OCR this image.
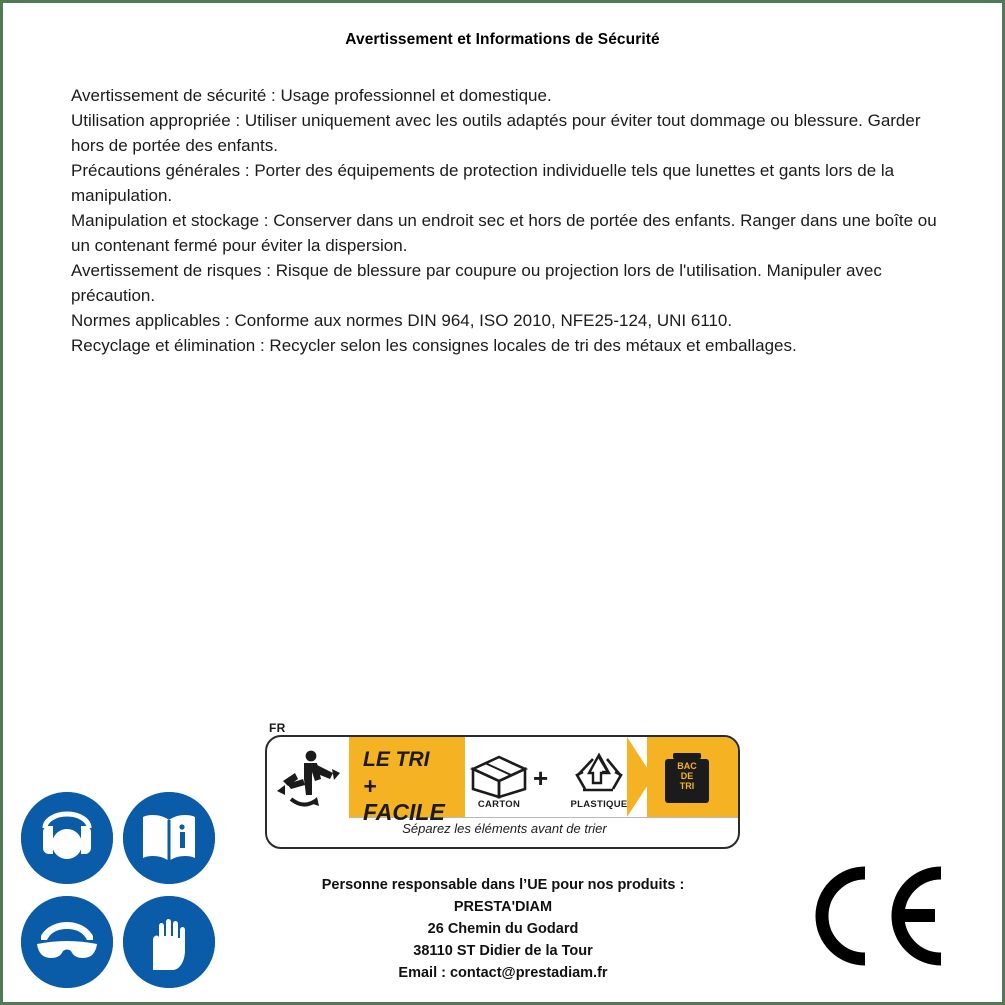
Avertissement et Informations de Sécurité

Avertissement de sécurité : Usage professionnel et domestique.

Utilisation appropriée : Utiliser uniquement avec les outils adaptés pour éviter tout dommage ou blessure. Garder hors de portée des enfants.

Précautions générales : Porter des équipements de protection individuelle tels que lunettes et gants lors de la manipulation.

Manipulation et stockage : Conserver dans un endroit sec et hors de portée des enfants. Ranger dans une boîte ou un contenant fermé pour éviter la dispersion.

Avertissement de risques : Risque de blessure par coupure ou projection lors de l'utilisation. Manipuler avec précaution.

Normes applicables : Conforme aux normes DIN 964, ISO 2010, NFE25-124, UNI 6110.

Recyclage et élimination : Recycler selon les consignes locales de tri des métaux et emballages.

FR
LE TRI
+ FACILE	CARTON
+
PLASTIQUE
BAC
DE
TRI
Séparez les éléments avant de trier
Personne responsable dans l’UE pour nos produits :
PRESTA'DIAM
26 Chemin du Godard
38110 ST Didier de la Tour
Email : contact@prestadiam.fr
